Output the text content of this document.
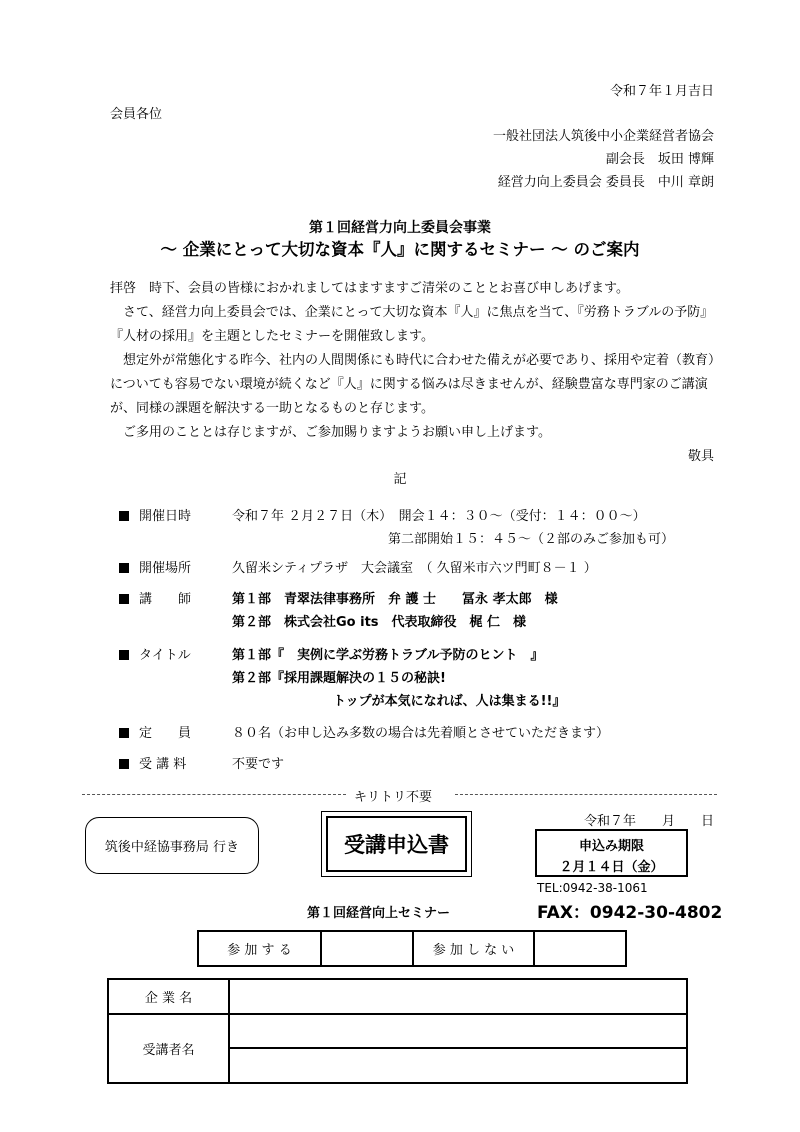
令和７年１月吉日
会員各位
一般社団法人筑後中小企業経営者協会
副会長　坂田 博輝
経営力向上委員会 委員長　中川 章朗
第１回経営力向上委員会事業
～ 企業にとって大切な資本『人』に関するセミナー ～ のご案内
拝啓　時下、会員の皆様におかれましてはますますご清栄のこととお喜び申しあげます。
　さて、経営力向上委員会では、企業にとって大切な資本『人』に焦点を当て、『労務トラブルの予防』『人材の採用』を主題としたセミナーを開催致します。
　想定外が常態化する昨今、社内の人間関係にも時代に合わせた備えが必要であり、採用や定着（教育）についても容易でない環境が続くなど『人』に関する悩みは尽きませんが、経験豊富な専門家のご講演が、同様の課題を解決する一助となるものと存じます。
　ご多用のこととは存じますが、ご参加賜りますようお願い申し上げます。
敬具
記
開催日時	令和７年 ２月２７日（木）　開会１４：３０～（受付：１４：００～）
第二部開始１５：４５～（２部のみご参加も可）
開催場所	久留米シティプラザ　大会議室　（ 久留米市六ツ門町８－１ ）
講　　師	第１部　青翠法律事務所　弁 護 士　　冨永 孝太郎　様
第２部　株式会社Go its　代表取締役　梶 仁　様
タイトル	第１部『　実例に学ぶ労務トラブル予防のヒント　』
第２部『採用課題解決の１５の秘訣!
トップが本気になれば、人は集まる!!』
定　　員	８０名（お申し込み多数の場合は先着順とさせていただきます）
受 講 料	不要です
キリトリ不要
筑後中経協事務局 行き	受講申込書
令和７年　　月　　日
申込み期限
２月１４日（金）
TEL:0942-38-1061
FAX：0942-30-4802
第１回経営向上セミナー
参 加 す る	参 加 し な い
企 業 名
受講者名
